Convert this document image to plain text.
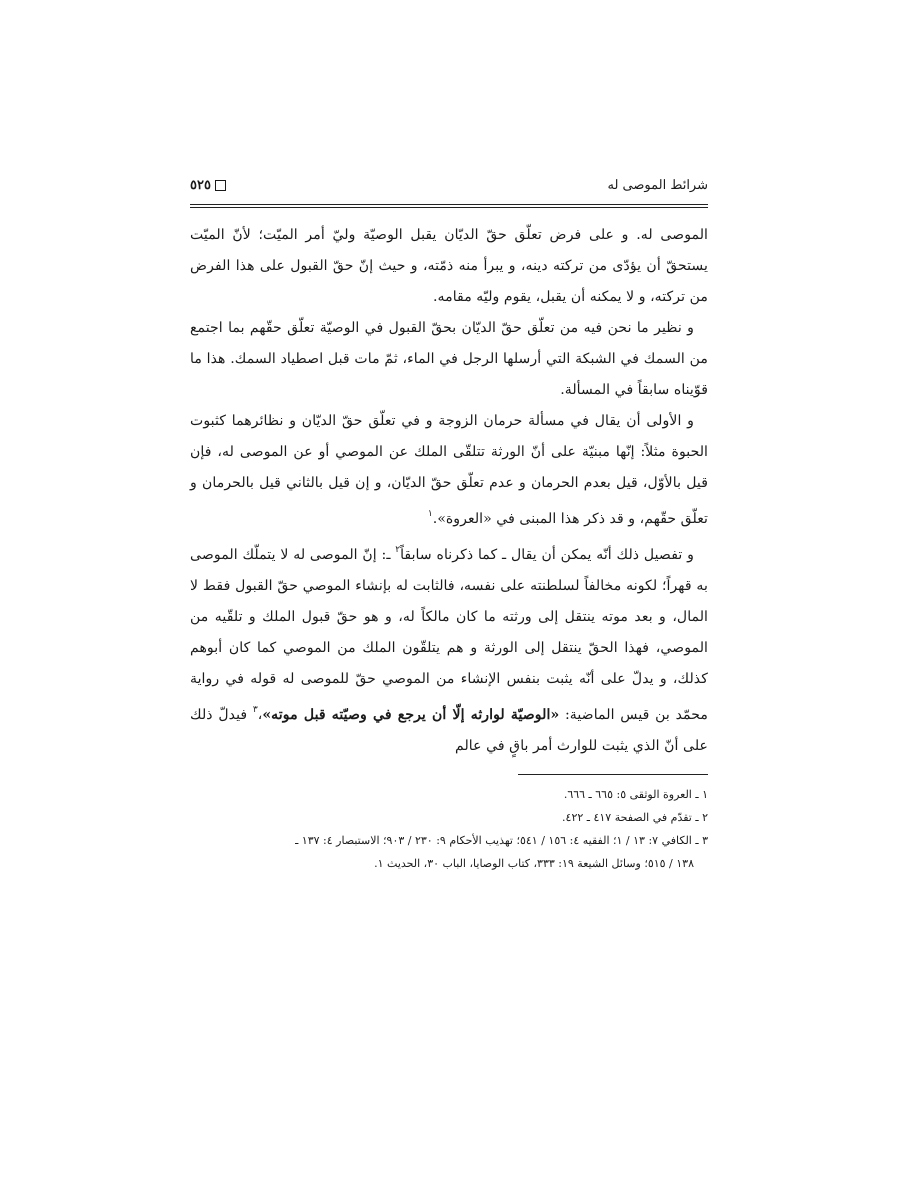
شرائط الموصى له
٥٢٥

الموصى له. و على فرض تعلّق حقّ الديّان يقبل الوصيّة وليّ أمر الميّت؛ لأنّ الميّت يستحقّ أن يؤدّى من تركته دينه، و يبرأ منه ذمّته، و حيث إنّ حقّ القبول على هذا الفرض من تركته، و لا يمكنه أن يقبل، يقوم وليّه مقامه.

و نظير ما نحن فيه من تعلّق حقّ الديّان بحقّ القبول في الوصيّة تعلّق حقّهم بما اجتمع من السمك في الشبكة التي أرسلها الرجل في الماء، ثمّ مات قبل اصطياد السمك. هذا ما قوّيناه سابقاً في المسألة.

و الأولى أن يقال في مسألة حرمان الزوجة و في تعلّق حقّ الديّان و نظائرهما كثبوت الحبوة مثلاً: إنّها مبنيّة على أنّ الورثة تتلقّى الملك عن الموصي أو عن الموصى له، فإن قيل بالأوّل، قيل بعدم الحرمان و عدم تعلّق حقّ الديّان، و إن قيل بالثاني قيل بالحرمان و تعلّق حقّهم، و قد ذكر هذا المبنى في «العروة».$^١$

و تفصيل ذلك أنّه يمكن أن يقال ـ كما ذكرناه سابقاً$^٢$ ـ: إنّ الموصى له لا يتملّك الموصى به قهراً؛ لكونه مخالفاً لسلطنته على نفسه، فالثابت له بإنشاء الموصي حقّ القبول فقط لا المال، و بعد موته ينتقل إلى ورثته ما كان مالكاً له، و هو حقّ قبول الملك و تلقّيه من الموصي، فهذا الحقّ ينتقل إلى الورثة و هم يتلقّون الملك من الموصي كما كان أبوهم كذلك، و يدلّ على أنّه يثبت بنفس الإنشاء من الموصي حقّ للموصى له قوله في رواية محمّد بن قيس الماضية: «الوصيّة لوارثه إلّا أن يرجع في وصيّته قبل موته»،$^٣$ فيدلّ ذلك على أنّ الذي يثبت للوارث أمر باقٍ في عالم

١ ـ العروة الوثقى ٥: ٦٦٥ ـ ٦٦٦.
٢ ـ تقدّم في الصفحة ٤١٧ ـ ٤٢٢.
٣ ـ الكافي ٧: ١٣ / ١؛ الفقيه ٤: ١٥٦ / ٥٤١؛ تهذيب الأحكام ٩: ٢٣٠ / ٩٠٣؛ الاستبصار ٤: ١٣٧ ـ
١٣٨ / ٥١٥؛ وسائل الشيعة ١٩: ٣٣٣، كتاب الوصايا، الباب ٣٠، الحديث ١.
